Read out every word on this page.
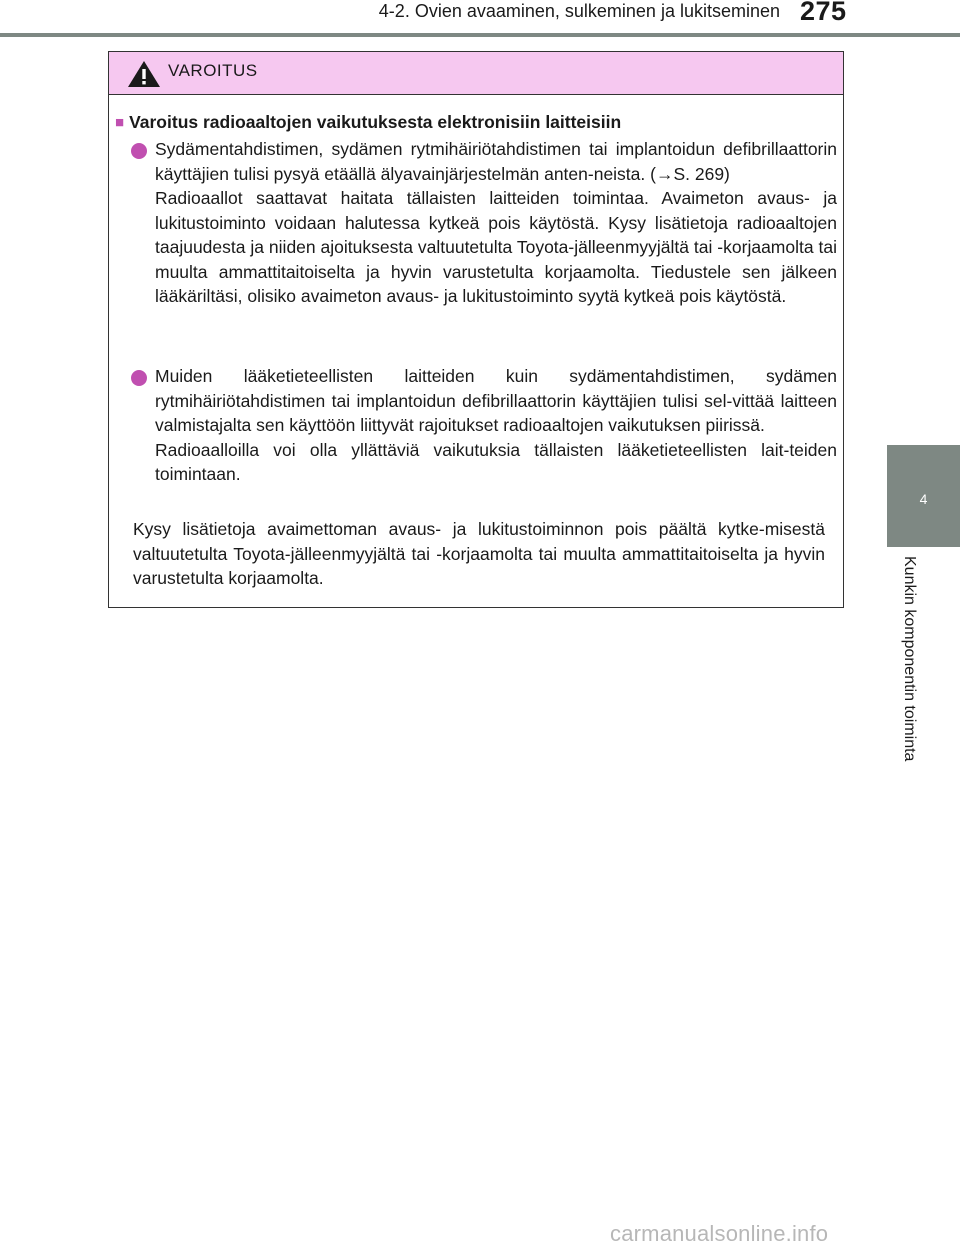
4-2. Ovien avaaminen, sulkeminen ja lukitseminen 275
4
Kunkin komponentin toiminta
VAROITUS
■ Varoitus radioaaltojen vaikutuksesta elektronisiin laitteisiin
Sydämentahdistimen, sydämen rytmihäiriötahdistimen tai implantoidun defibrillaattorin käyttäjien tulisi pysyä etäällä älyavainjärjestelmän anten-neista. (→S. 269)
Radioaallot saattavat haitata tällaisten laitteiden toimintaa. Avaimeton avaus- ja lukitustoiminto voidaan halutessa kytkeä pois käytöstä. Kysy lisätietoja radioaaltojen taajuudesta ja niiden ajoituksesta valtuutetulta Toyota-jälleenmyyjältä tai -korjaamolta tai muulta ammattitaitoiselta ja hyvin varustetulta korjaamolta. Tiedustele sen jälkeen lääkäriltäsi, olisiko avaimeton avaus- ja lukitustoiminto syytä kytkeä pois käytöstä.
Muiden lääketieteellisten laitteiden kuin sydämentahdistimen, sydämen rytmihäiriötahdistimen tai implantoidun defibrillaattorin käyttäjien tulisi sel-vittää laitteen valmistajalta sen käyttöön liittyvät rajoitukset radioaaltojen vaikutuksen piirissä.
Radioaalloilla voi olla yllättäviä vaikutuksia tällaisten lääketieteellisten lait-teiden toimintaan.
Kysy lisätietoja avaimettoman avaus- ja lukitustoiminnon pois päältä kytke-misestä valtuutetulta Toyota-jälleenmyyjältä tai -korjaamolta tai muulta ammattitaitoiselta ja hyvin varustetulta korjaamolta.
carmanualsonline.info
